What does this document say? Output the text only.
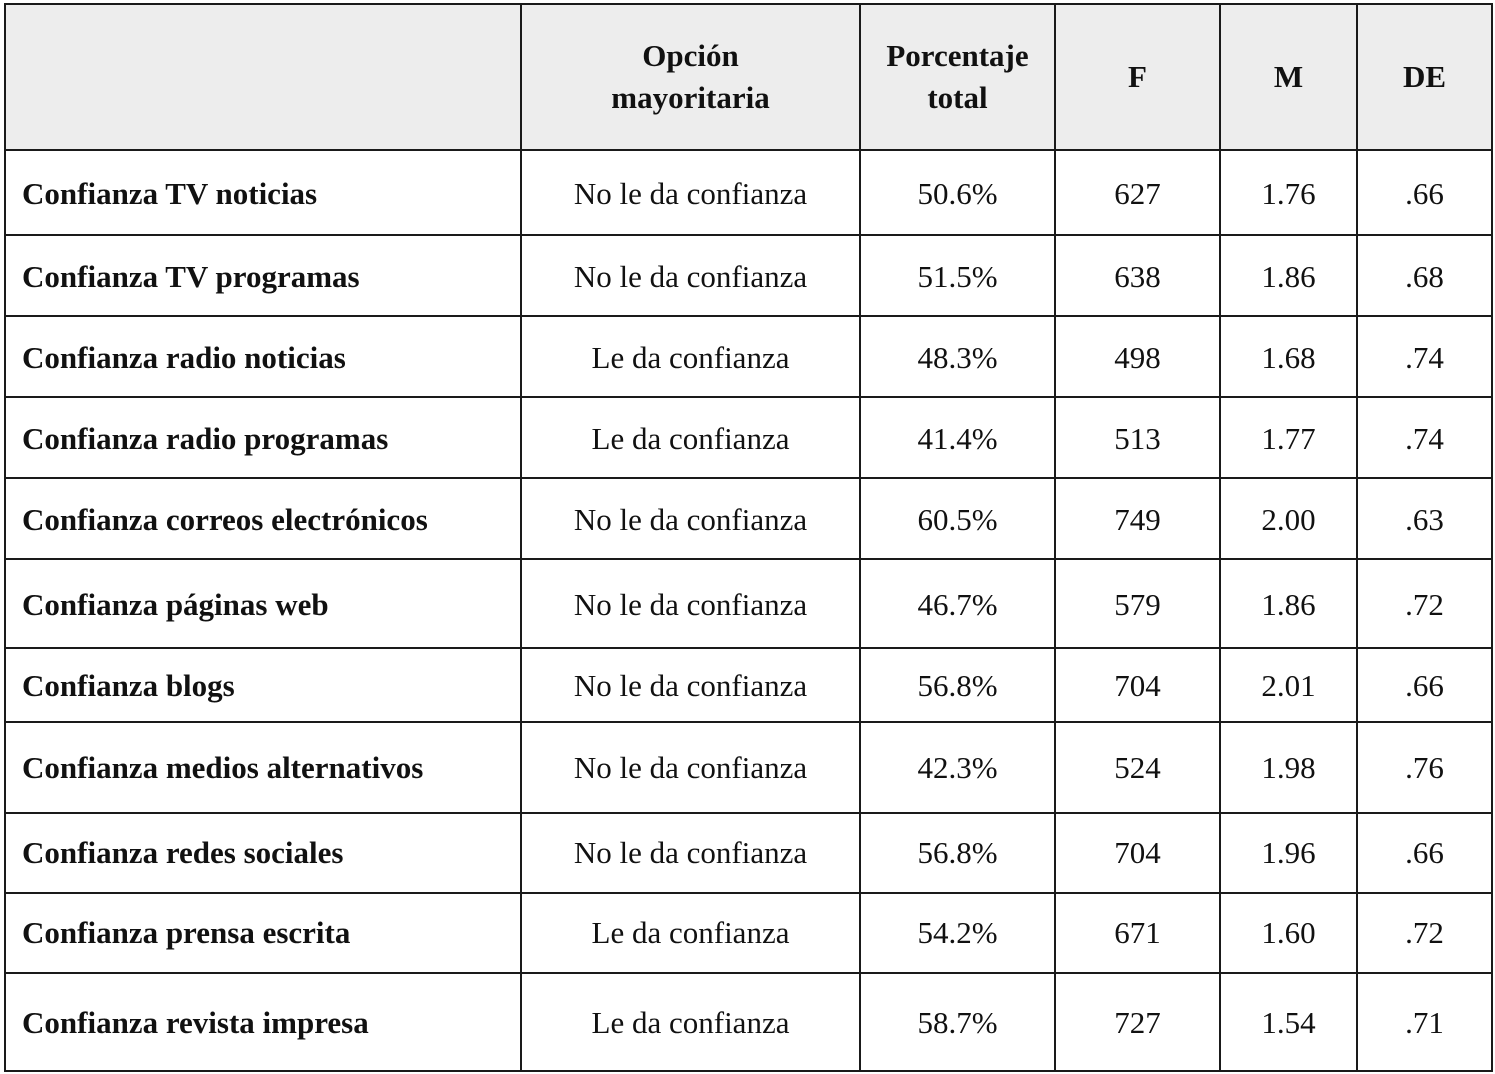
	Opción mayoritaria	Porcentaje total	F	M	DE
Confianza TV noticias	No le da confianza	50.6%	627	1.76	.66
Confianza TV programas	No le da confianza	51.5%	638	1.86	.68
Confianza radio noticias	Le da confianza	48.3%	498	1.68	.74
Confianza radio programas	Le da confianza	41.4%	513	1.77	.74
Confianza correos electrónicos	No le da confianza	60.5%	749	2.00	.63
Confianza páginas web	No le da confianza	46.7%	579	1.86	.72
Confianza blogs	No le da confianza	56.8%	704	2.01	.66
Confianza medios alternativos	No le da confianza	42.3%	524	1.98	.76
Confianza redes sociales	No le da confianza	56.8%	704	1.96	.66
Confianza prensa escrita	Le da confianza	54.2%	671	1.60	.72
Confianza revista impresa	Le da confianza	58.7%	727	1.54	.71
